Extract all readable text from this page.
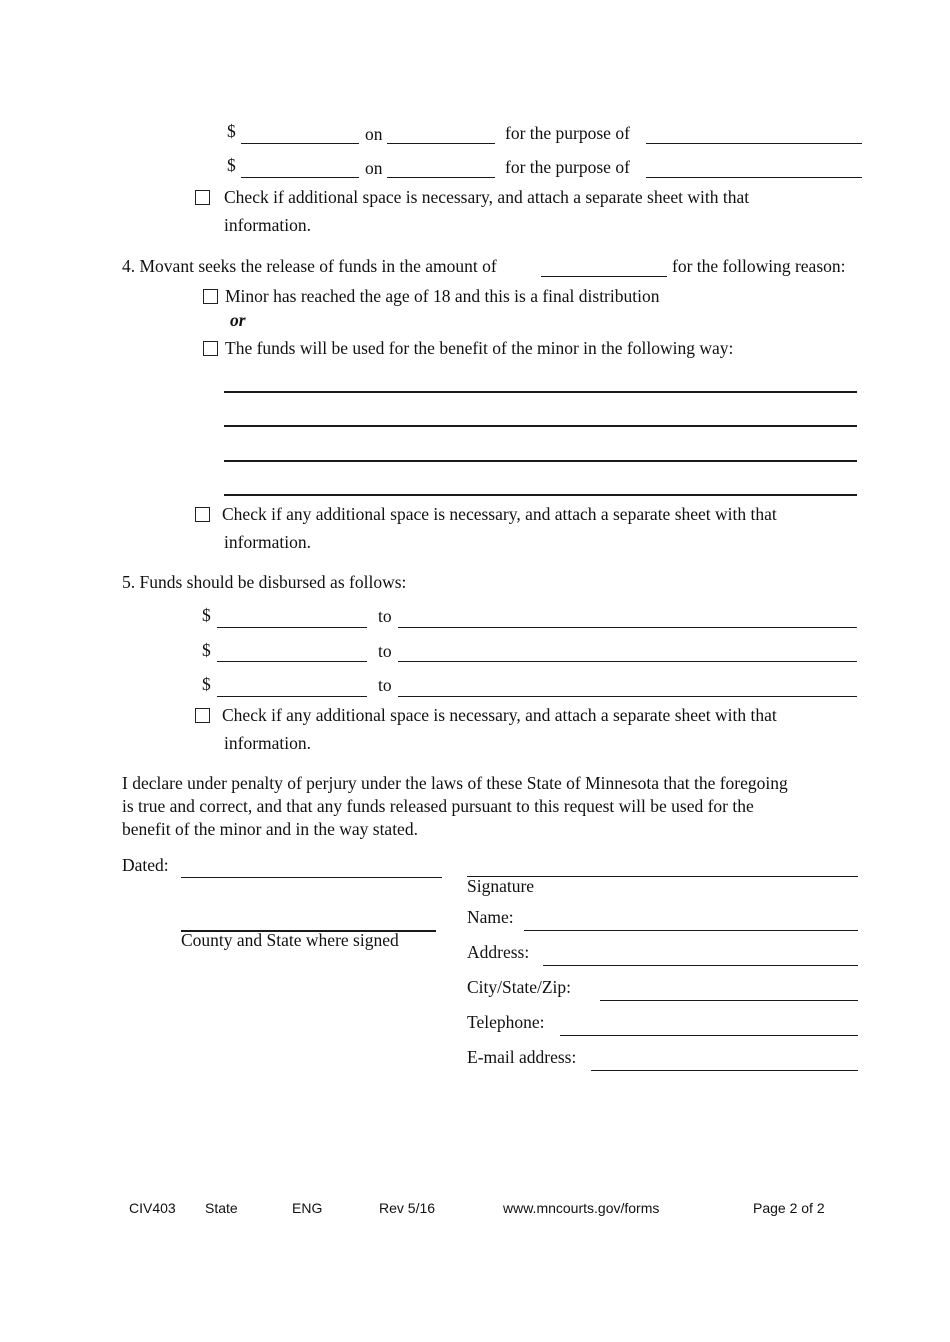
$	on	for the purpose of
$	on	for the purpose of
Check if additional space is necessary, and attach a separate sheet with that
information.
4. Movant seeks the release of funds in the amount of	for the following reason:
Minor has reached the age of 18 and this is a final distribution
or
The funds will be used for the benefit of the minor in the following way:
Check if any additional space is necessary, and attach a separate sheet with that
information.
5. Funds should be disbursed as follows:
$	to
$	to
$	to
Check if any additional space is necessary, and attach a separate sheet with that
information.
I declare under penalty of perjury under the laws of these State of Minnesota that the foregoing
is true and correct, and that any funds released pursuant to this request will be used for the
benefit of the minor and in the way stated.
Dated:
County and State where signed
Signature
Name:
Address:
City/State/Zip:
Telephone:
E-mail address:
CIV403 State	ENG	Rev 5/16	www.mncourts.gov/forms	Page 2 of 2
